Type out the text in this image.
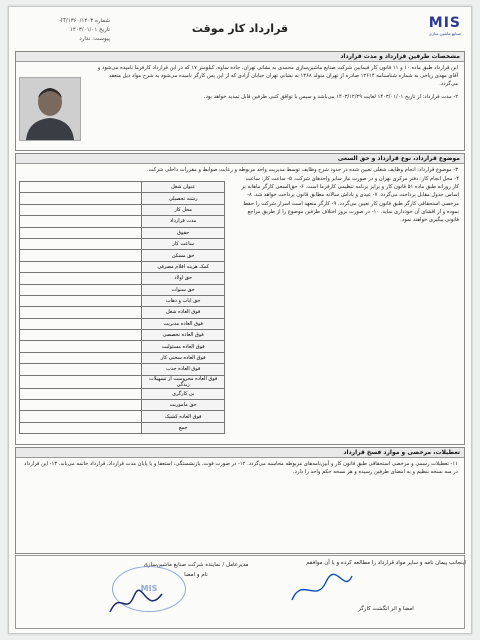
شماره ۱۳۶۰/۱۴۰۳/IT-
تاریخ ۱۴۰۳/۰۱/۰۱
پیوست: ندارد
قرارداد کار موقت	MIS
صنایع ماشین سازی
مشخصات طرفین قرارداد و مدت قرارداد
این قرارداد طبق ماده ۱۰ و ۱۱ قانون کار فیمابین شرکت صنایع ماشین‌سازی محمدی به نشانی تهران، جاده ساوه، کیلومتر ۱۷ که در این قرارداد کارفرما نامیده می‌شود و آقای مهدی ریاحی به شماره شناسنامه ۱۲۶۱۴ صادره از تهران متولد ۱۳۶۸ به نشانی تهران خیابان آزادی که از این پس کارگر نامیده می‌شود به شرح مواد ذیل منعقد می‌گردد.
۲- مدت قرارداد: از تاریخ ۱۴۰۳/۰۱/۰۱ لغایت ۱۴۰۳/۱۲/۲۹ می‌باشد و سپس با توافق کتبی طرفین قابل تمدید خواهد بود.
موضوع قرارداد، نوع قرارداد و حق السعی
۳- موضوع قرارداد: انجام وظایف شغلی تعیین شده در حدود شرح وظایف توسط مدیریت واحد مربوطه و رعایت ضوابط و مقررات داخلی شرکت.
	عنوان شغل
	رشته تحصیلی
	محل کار
	مدت قرارداد
	حقوق
	ساعت کار
	حق مسکن
	کمک هزینه اقلام مصرفی
	حق اولاد
	حق سنوات
	حق ایاب و ذهاب
	فوق العاده شغل
	فوق العاده مدیریت
	فوق العاده تخصصی
	فوق العاده مسئولیت
	فوق العاده سختی کار
	فوق العاده جذب
	فوق العاده محرومیت از تسهیلات زندگی
	بن کارگری
	حق ماموریت
	فوق العاده کشیک
	جمع
۴- محل انجام کار: دفتر مرکزی تهران و در صورت نیاز سایر واحدهای شرکت. ۵- ساعت کار: ساعت کار روزانه طبق ماده ۵۱ قانون کار و برابر برنامه تنظیمی کارفرما است. ۶- حق‌السعی کارگر ماهانه بر اساس جدول مقابل پرداخت می‌گردد. ۷- عیدی و پاداش سالانه مطابق قانون پرداخت خواهد شد. ۸- مرخصی استحقاقی کارگر طبق قانون کار تعیین می‌گردد. ۹- کارگر متعهد است اسرار شرکت را حفظ نموده و از افشای آن خودداری نماید. ۱۰- در صورت بروز اختلاف طرفین موضوع را از طریق مراجع قانونی پیگیری خواهند نمود.
تعطیلات، مرخصی و موارد فسخ قرارداد
۱۱- تعطیلات رسمی و مرخصی استحقاقی طبق قانون کار و آیین‌نامه‌های مربوطه محاسبه می‌گردد. ۱۲- در صورت فوت، بازنشستگی، استعفا و یا پایان مدت قرارداد، قرارداد خاتمه می‌یابد. ۱۳- این قرارداد در سه نسخه تنظیم و به امضای طرفین رسیده و هر نسخه حکم واحد را دارد.
مدیرعامل / نماینده شرکت صنایع ماشین‌سازی
نام و امضا
اینجانب پیمان نامه و سایر مواد قرارداد را مطالعه کرده و با آن موافقم
امضا و اثر انگشت کارگر
MIS
